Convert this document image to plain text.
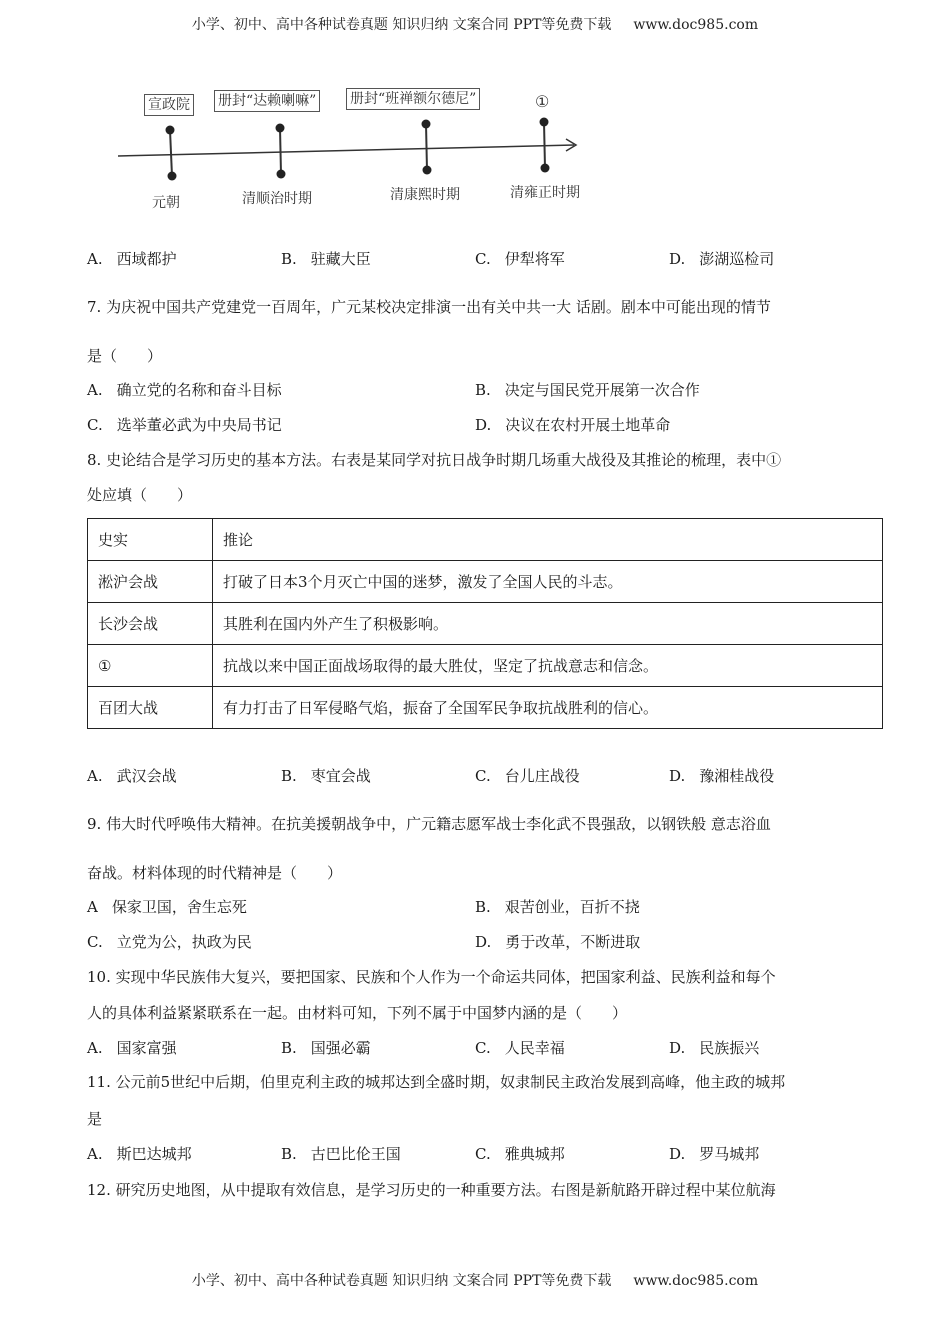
小学、初中、高中各种试卷真题 知识归纳 文案合同 PPT等免费下载 www.doc985.com
宣政院 册封“达赖喇嘛” 册封“班禅额尔德尼”	①
元朝	清顺治时期	清康熙时期	清雍正时期
A. 西域都护	B. 驻藏大臣	C. 伊犁将军	D. 澎湖巡检司
7. 为庆祝中国共产党建党一百周年，广元某校决定排演一出有关中共一大 话剧。剧本中可能出现的情节
是（　　）
A. 确立党的名称和奋斗目标	B. 决定与国民党开展第一次合作
C. 选举董必武为中央局书记	D. 决议在农村开展土地革命
8. 史论结合是学习历史的基本方法。右表是某同学对抗日战争时期几场重大战役及其推论的梳理，表中①
处应填（　　）
史实	推论
淞沪会战	打破了日本3个月灭亡中国的迷梦，激发了全国人民的斗志。
长沙会战	其胜利在国内外产生了积极影响。
①	抗战以来中国正面战场取得的最大胜仗，坚定了抗战意志和信念。
百团大战	有力打击了日军侵略气焰，振奋了全国军民争取抗战胜利的信心。
A. 武汉会战	B. 枣宜会战	C. 台儿庄战役	D. 豫湘桂战役
9. 伟大时代呼唤伟大精神。在抗美援朝战争中，广元籍志愿军战士李化武不畏强敌，以钢铁般 意志浴血
奋战。材料体现的时代精神是（　　）
A 保家卫国，舍生忘死	B. 艰苦创业，百折不挠
C. 立党为公，执政为民	D. 勇于改革，不断进取
10. 实现中华民族伟大复兴，要把国家、民族和个人作为一个命运共同体，把国家利益、民族利益和每个
人的具体利益紧紧联系在一起。由材料可知，下列不属于中国梦内涵的是（　　）
A. 国家富强	B. 国强必霸	C. 人民幸福	D. 民族振兴
11. 公元前5世纪中后期，伯里克利主政的城邦达到全盛时期，奴隶制民主政治发展到高峰，他主政的城邦
是
A. 斯巴达城邦	B. 古巴比伦王国	C. 雅典城邦	D. 罗马城邦
12. 研究历史地图，从中提取有效信息，是学习历史的一种重要方法。右图是新航路开辟过程中某位航海
小学、初中、高中各种试卷真题 知识归纳 文案合同 PPT等免费下载 www.doc985.com
